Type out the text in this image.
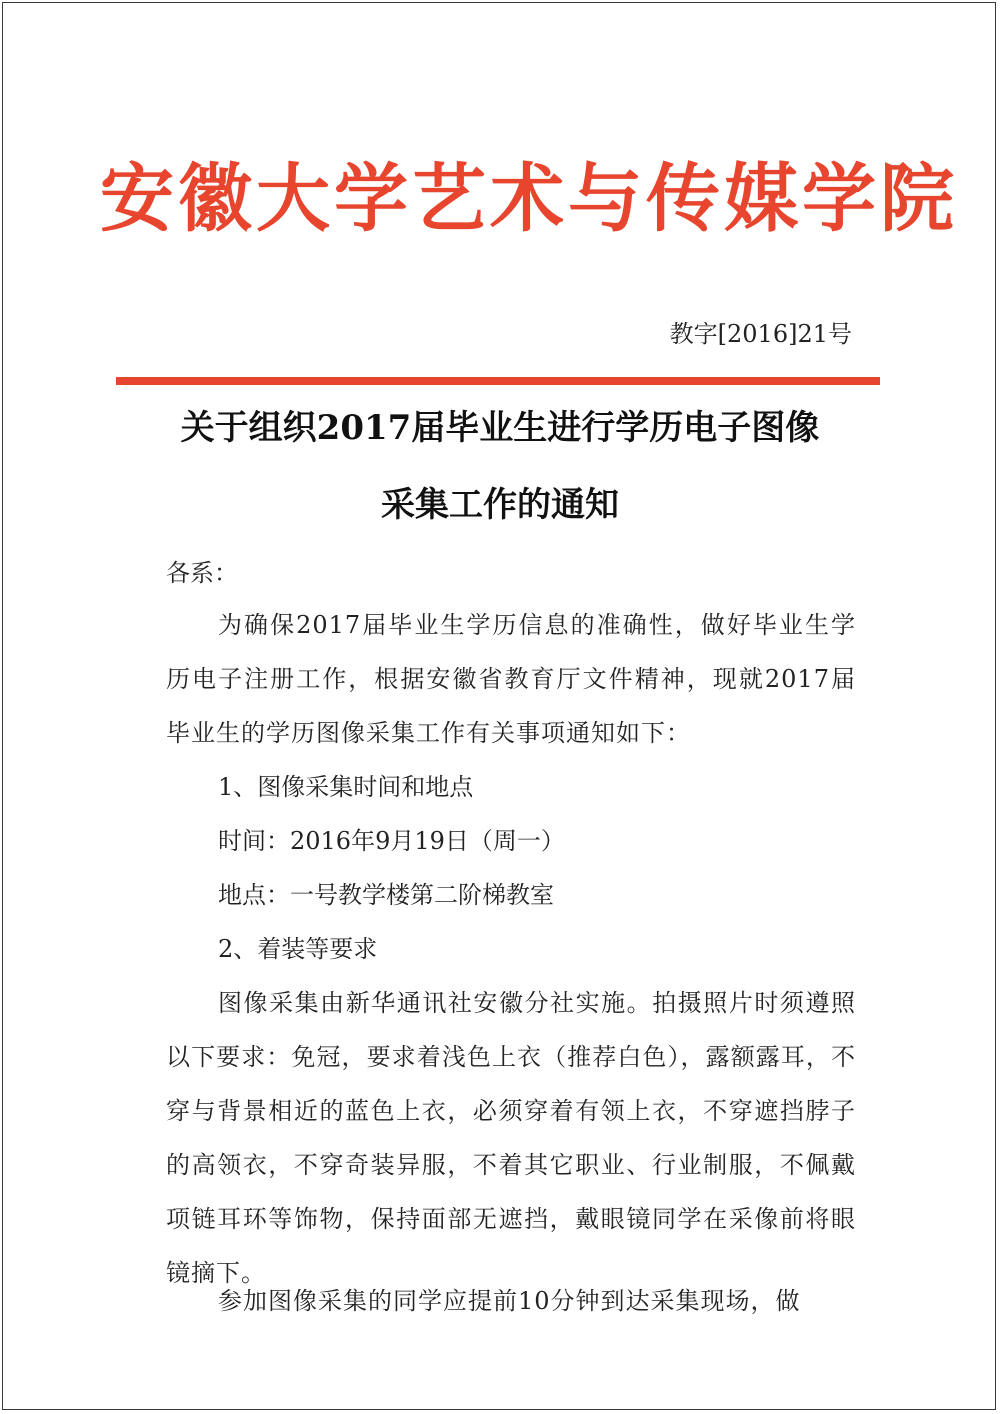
安徽大学艺术与传媒学院
教字[2016]21号
关于组织2017届毕业生进行学历电子图像
采集工作的通知
各系：
为确保2017届毕业生学历信息的准确性，做好毕业生学历电子注册工作，根据安徽省教育厅文件精神，现就2017届毕业生的学历图像采集工作有关事项通知如下：
1、图像采集时间和地点
时间：2016年9月19日（周一）
地点：一号教学楼第二阶梯教室
2、着装等要求
图像采集由新华通讯社安徽分社实施。拍摄照片时须遵照以下要求：免冠，要求着浅色上衣（推荐白色），露额露耳，不穿与背景相近的蓝色上衣，必须穿着有领上衣，不穿遮挡脖子的高领衣，不穿奇装异服，不着其它职业、行业制服，不佩戴项链耳环等饰物，保持面部无遮挡，戴眼镜同学在采像前将眼镜摘下。
参加图像采集的同学应提前10分钟到达采集现场，做
